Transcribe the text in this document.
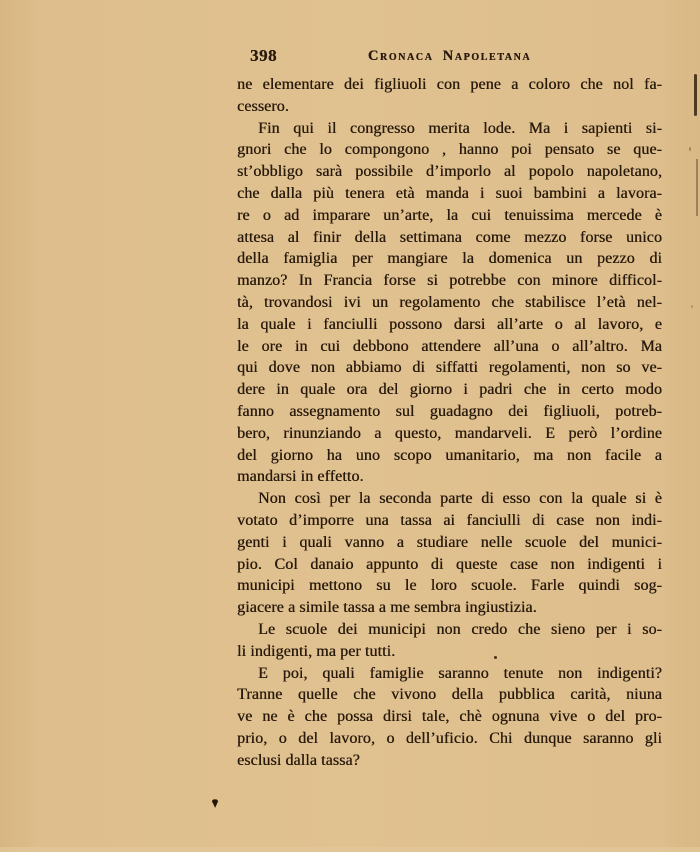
398	Cronaca Napoletana
ne elementare dei figliuoli con pene a coloro che nol fa-
cessero.
Fin qui il congresso merita lode. Ma i sapienti si-
gnori che lo compongono , hanno poi pensato se que-
st’obbligo sarà possibile d’imporlo al popolo napoletano,
che dalla più tenera età manda i suoi bambini a lavora-
re o ad imparare un’arte, la cui tenuissima mercede è
attesa al finir della settimana come mezzo forse unico
della famiglia per mangiare la domenica un pezzo di
manzo? In Francia forse si potrebbe con minore difficol-
tà, trovandosi ivi un regolamento che stabilisce l’età nel-
la quale i fanciulli possono darsi all’arte o al lavoro, e
le ore in cui debbono attendere all’una o all’altro. Ma
qui dove non abbiamo di siffatti regolamenti, non so ve-
dere in quale ora del giorno i padri che in certo modo
fanno assegnamento sul guadagno dei figliuoli, potreb-
bero, rinunziando a questo, mandarveli. E però l’ordine
del giorno ha uno scopo umanitario, ma non facile a
mandarsi in effetto.
Non così per la seconda parte di esso con la quale si è
votato d’imporre una tassa ai fanciulli di case non indi-
genti i quali vanno a studiare nelle scuole del munici-
pio. Col danaio appunto di queste case non indigenti i
municipi mettono su le loro scuole. Farle quindi sog-
giacere a simile tassa a me sembra ingiustizia.
Le scuole dei municipi non credo che sieno per i so-
li indigenti, ma per tutti.
E poi, quali famiglie saranno tenute non indigenti?
Tranne quelle che vivono della pubblica carità, niuna
ve ne è che possa dirsi tale, chè ognuna vive o del pro-
prio, o del lavoro, o dell’uficio. Chi dunque saranno gli
esclusi dalla tassa?
